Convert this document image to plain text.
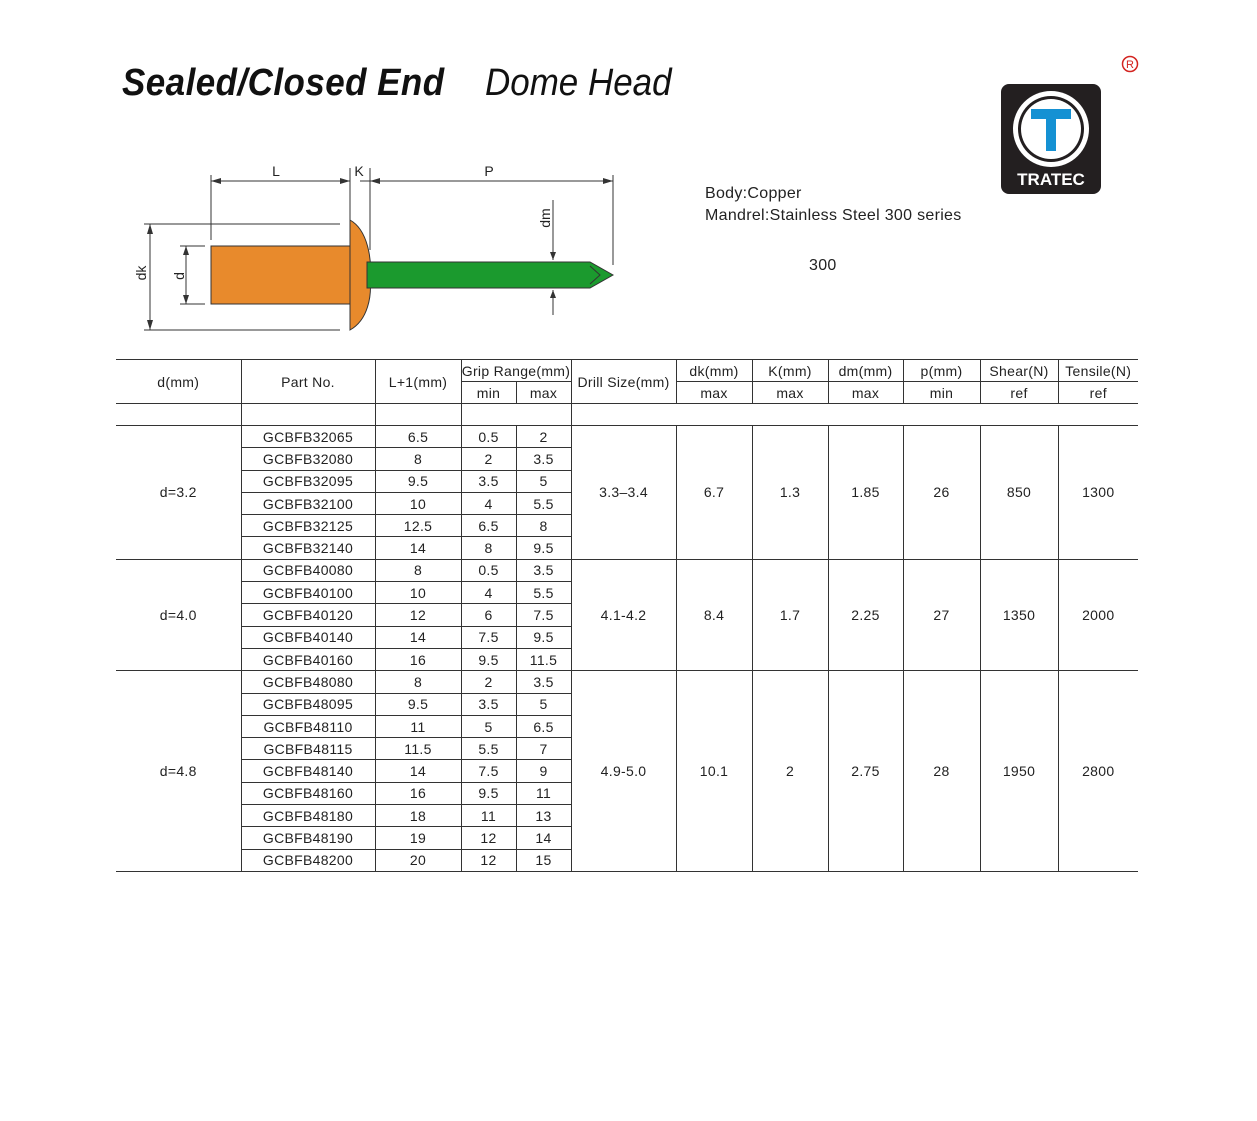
Sealed/Closed End Dome Head	R
TRATEC
Body:Copper
Mandrel:Stainless Steel 300 series
300
L	K	P
dm
dk d
d(mm)	Part No.	L+1(mm)	Grip Range(mm)		Drill Size(mm)	dk(mm)	K(mm)	dm(mm)	p(mm)	Shear(N)	Tensile(N)
			min	max		max	max	max	min	ref	ref

d=3.2	GCBFB32065	6.5	0.5	2	3.3–3.4	6.7	1.3	1.85	26	850	1300
	GCBFB32080	8	2	3.5							
	GCBFB32095	9.5	3.5	5							
	GCBFB32100	10	4	5.5							
	GCBFB32125	12.5	6.5	8							
	GCBFB32140	14	8	9.5							
d=4.0	GCBFB40080	8	0.5	3.5	4.1-4.2	8.4	1.7	2.25	27	1350	2000
	GCBFB40100	10	4	5.5							
	GCBFB40120	12	6	7.5							
	GCBFB40140	14	7.5	9.5							
	GCBFB40160	16	9.5	11.5							
d=4.8	GCBFB48080	8	2	3.5	4.9-5.0	10.1	2	2.75	28	1950	2800
	GCBFB48095	9.5	3.5	5							
	GCBFB48110	11	5	6.5							
	GCBFB48115	11.5	5.5	7							
	GCBFB48140	14	7.5	9							
	GCBFB48160	16	9.5	11							
	GCBFB48180	18	11	13							
	GCBFB48190	19	12	14							
	GCBFB48200	20	12	15							
